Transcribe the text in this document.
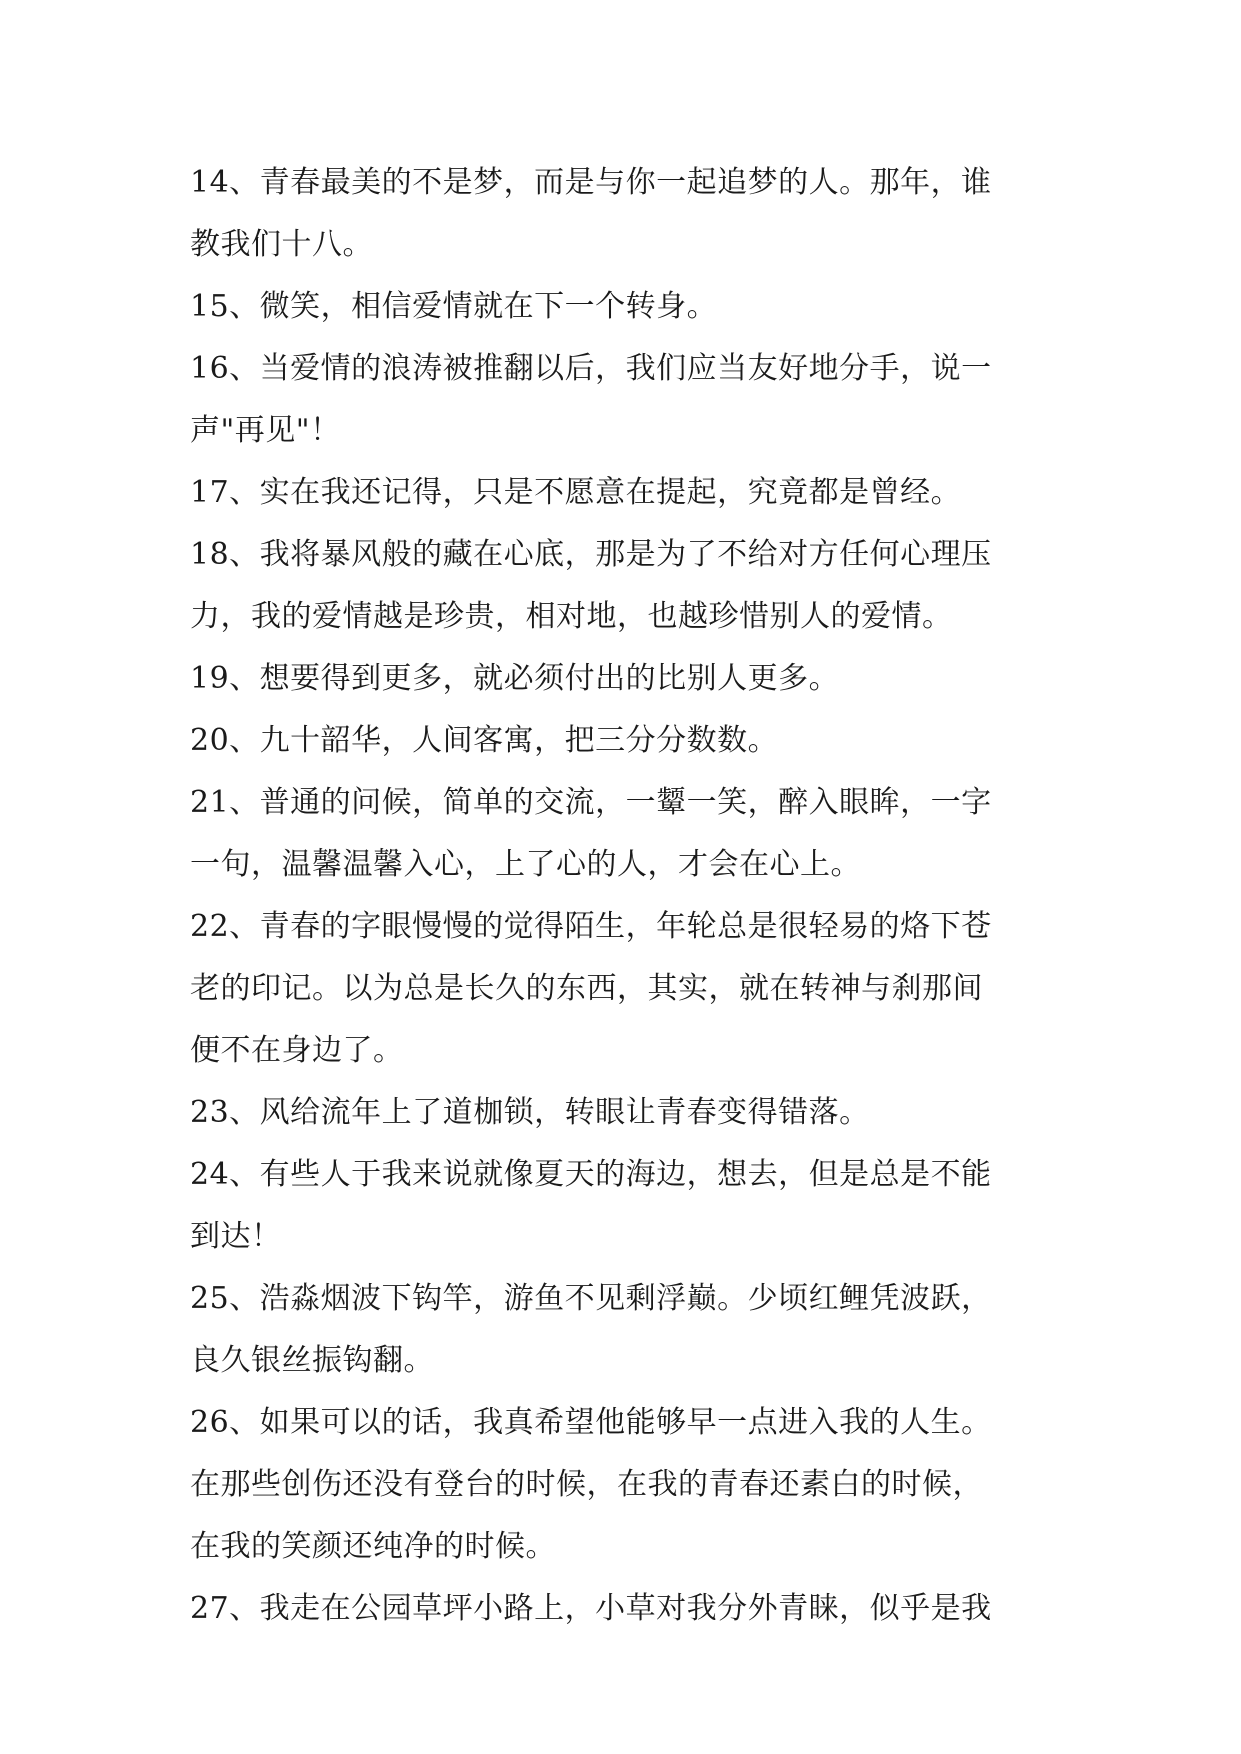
14、青春最美的不是梦，而是与你一起追梦的人。那年，谁
教我们十八。
15、微笑，相信爱情就在下一个转身。
16、当爱情的浪涛被推翻以后，我们应当友好地分手，说一
声"再见"！
17、实在我还记得，只是不愿意在提起，究竟都是曾经。
18、我将暴风般的藏在心底，那是为了不给对方任何心理压
力，我的爱情越是珍贵，相对地，也越珍惜别人的爱情。
19、想要得到更多，就必须付出的比别人更多。
20、九十韶华，人间客寓，把三分分数数。
21、普通的问候，简单的交流，一颦一笑，醉入眼眸，一字
一句，温馨温馨入心，上了心的人，才会在心上。
22、青春的字眼慢慢的觉得陌生，年轮总是很轻易的烙下苍
老的印记。以为总是长久的东西，其实，就在转神与刹那间
便不在身边了。
23、风给流年上了道枷锁，转眼让青春变得错落。
24、有些人于我来说就像夏天的海边，想去，但是总是不能
到达！
25、浩淼烟波下钩竿，游鱼不见剩浮巅。少顷红鲤凭波跃，
良久银丝振钩翻。
26、如果可以的话，我真希望他能够早一点进入我的人生。
在那些创伤还没有登台的时候，在我的青春还素白的时候，
在我的笑颜还纯净的时候。
27、我走在公园草坪小路上，小草对我分外青睐，似乎是我
